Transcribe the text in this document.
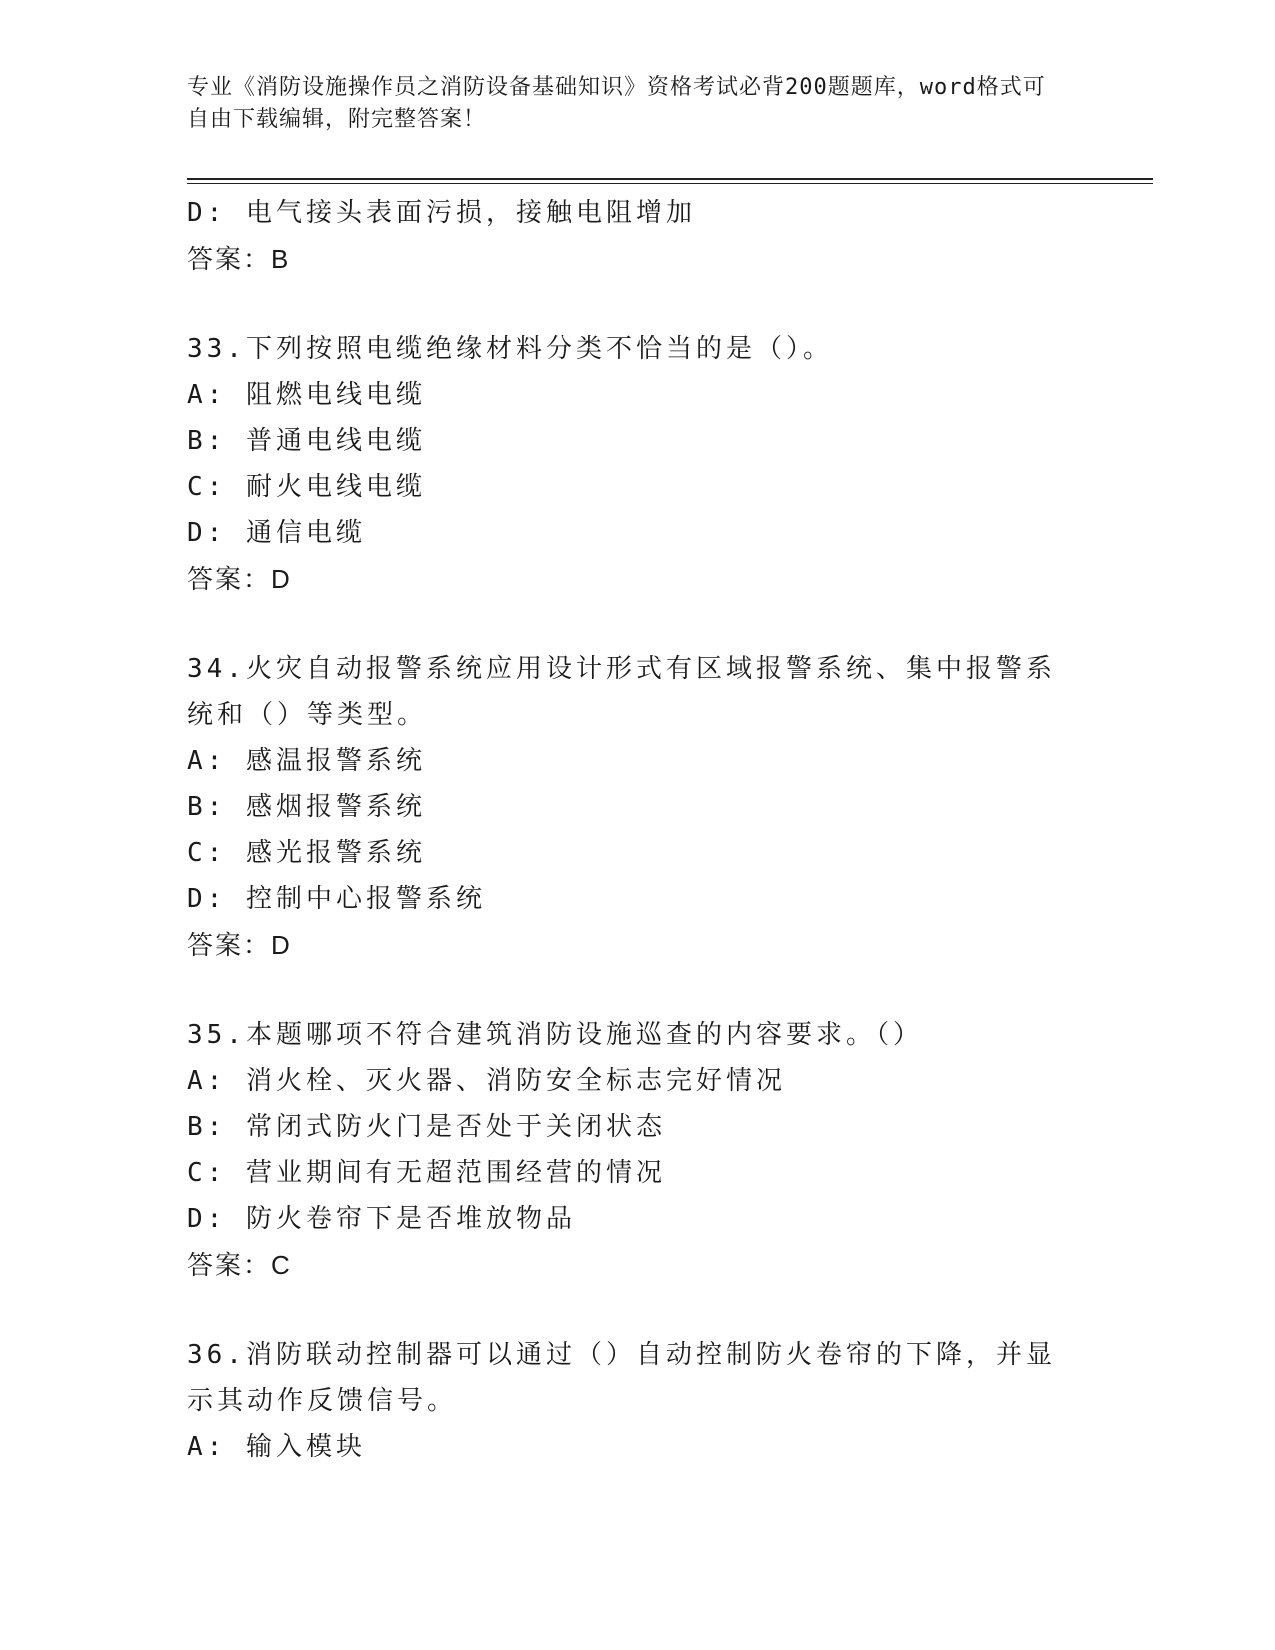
专业《消防设施操作员之消防设备基础知识》资格考试必背200题题库，word格式可自由下载编辑，附完整答案！
D: 电气接头表面污损，接触电阻增加
答案：B
33.下列按照电缆绝缘材料分类不恰当的是（）。
A: 阻燃电线电缆
B: 普通电线电缆
C: 耐火电线电缆
D: 通信电缆
答案：D
34.火灾自动报警系统应用设计形式有区域报警系统、集中报警系统和（）等类型。
A: 感温报警系统
B: 感烟报警系统
C: 感光报警系统
D: 控制中心报警系统
答案：D
35.本题哪项不符合建筑消防设施巡查的内容要求。（）
A: 消火栓、灭火器、消防安全标志完好情况
B: 常闭式防火门是否处于关闭状态
C: 营业期间有无超范围经营的情况
D: 防火卷帘下是否堆放物品
答案：C
36.消防联动控制器可以通过（）自动控制防火卷帘的下降，并显示其动作反馈信号。
A: 输入模块
